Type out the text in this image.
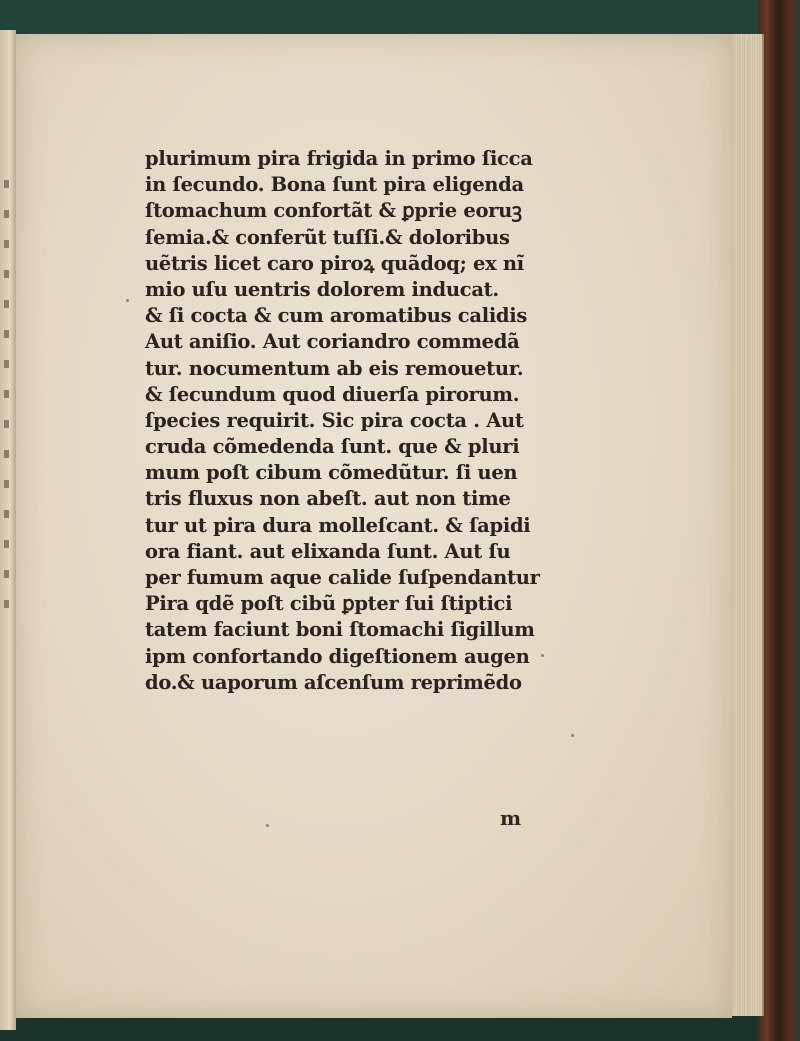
plurimum pira frigida in primo ſicca
in ſecundo. Bona ſunt pira eligenda
ſtomachum confortãt & ꝑprie eoruꝫ
ſemia.& conferũt tuſſi.& doloribus
uẽtris licet caro piroꝝ quãdoq; ex nĩ
mio uſu uentris dolorem inducat.
& ſi cocta & cum aromatibus calidis
Aut aniſio. Aut coriandro commedã
tur. nocumentum ab eis remouetur.
& ſecundum quod diuerſa pirorum.
ſpecies requirit. Sic pira cocta . Aut
cruda cõmedenda ſunt. que & pluri
mum poſt cibum cõmedũtur. ſi uen
tris fluxus non abeſt. aut non time
tur ut pira dura molleſcant. & ſapidi
ora fiant. aut elixanda ſunt. Aut ſu
per fumum aque calide ſuſpendantur
Pira qdẽ poſt cibũ ꝑpter ſui ſtiptici
tatem faciunt boni ſtomachi ſigillum
ipm confortando digeſtionem augen
do.& uaporum aſcenſum reprimẽdo
m
